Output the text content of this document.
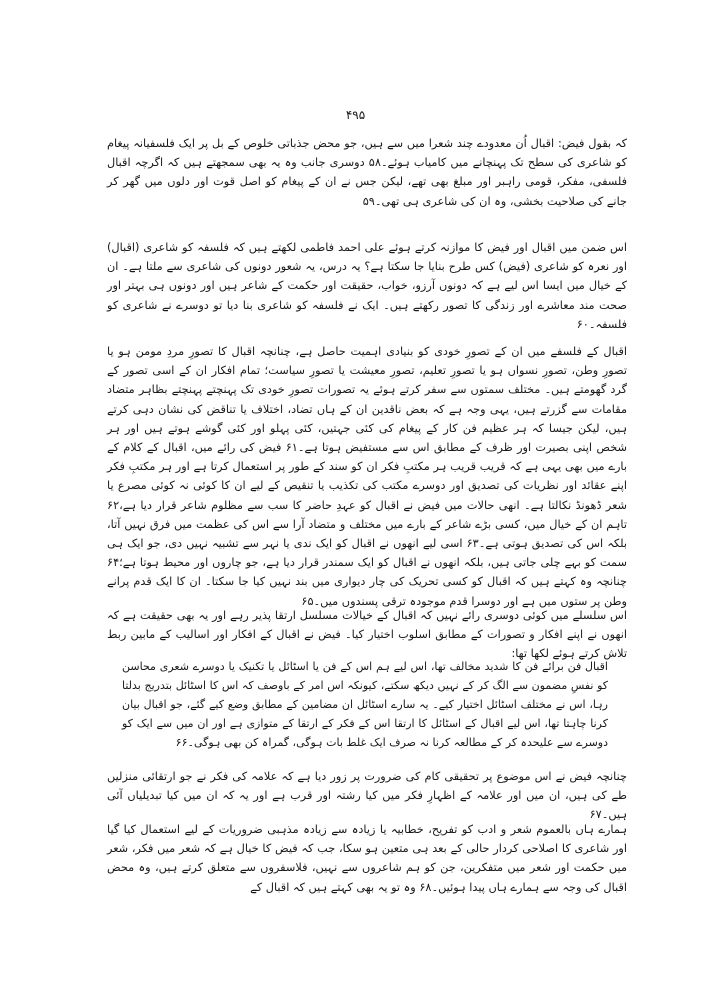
۴۹۵

کہ بقول فیض: اقبال اُن معدودے چند شعرا میں سے ہیں، جو محض جذباتی خلوص کے بل پر ایک فلسفیانہ پیغام کو شاعری کی سطح تک پہنچانے میں کامیاب ہوئے۔۵۸ دوسری جانب وہ یہ بھی سمجھتے ہیں کہ اگرچہ اقبال فلسفی، مفکر، قومی راہبر اور مبلغ بھی تھے، لیکن جس نے ان کے پیغام کو اصل قوت اور دلوں میں گھر کر جانے کی صلاحیت بخشی، وہ ان کی شاعری ہی تھی۔۵۹

اس ضمن میں اقبال اور فیض کا موازنہ کرتے ہوئے علی احمد فاطمی لکھتے ہیں کہ فلسفہ کو شاعری (اقبال) اور نعرہ کو شاعری (فیض) کس طرح بنایا جا سکتا ہے؟ یہ درس، یہ شعور دونوں کی شاعری سے ملتا ہے۔ ان کے خیال میں ایسا اس لیے ہے کہ دونوں آرزو، خواب، حقیقت اور حکمت کے شاعر ہیں اور دونوں ہی بہتر اور صحت مند معاشرے اور زندگی کا تصور رکھتے ہیں۔ ایک نے فلسفہ کو شاعری بنا دیا تو دوسرے نے شاعری کو فلسفہ۔۶۰

اقبال کے فلسفے میں ان کے تصورِ خودی کو بنیادی اہمیت حاصل ہے، چنانچہ اقبال کا تصورِ مردِ مومن ہو یا تصورِ وطن، تصورِ نسواں ہو یا تصورِ تعلیم، تصورِ معیشت یا تصورِ سیاست؛ تمام افکار ان کے اسی تصور کے گرد گھومتے ہیں۔ مختلف سمتوں سے سفر کرتے ہوئے یہ تصورات تصورِ خودی تک پہنچتے پہنچتے بظاہر متضاد مقامات سے گزرتے ہیں، یہی وجہ ہے کہ بعض ناقدین ان کے ہاں تضاد، اختلاف یا تناقض کی نشان دہی کرتے ہیں، لیکن جیسا کہ ہر عظیم فن کار کے پیغام کی کئی جہتیں، کئی پہلو اور کئی گوشے ہوتے ہیں اور ہر شخص اپنی بصیرت اور ظرف کے مطابق اس سے مستفیض ہوتا ہے۔۶۱ فیض کی رائے میں، اقبال کے کلام کے بارے میں بھی یہی ہے کہ قریب قریب ہر مکتبِ فکر ان کو سند کے طور پر استعمال کرتا ہے اور ہر مکتبِ فکر اپنے عقائد اور نظریات کی تصدیق اور دوسرے مکتب کی تکذیب یا تنقیص کے لیے ان کا کوئی نہ کوئی مصرع یا شعر ڈھونڈ نکالتا ہے۔ انھی حالات میں فیض نے اقبال کو عہدِ حاضر کا سب سے مظلوم شاعر قرار دیا ہے،۶۲ تاہم ان کے خیال میں، کسی بڑے شاعر کے بارے میں مختلف و متضاد آرا سے اس کی عظمت میں فرق نہیں آتا، بلکہ اس کی تصدیق ہوتی ہے۔۶۳ اسی لیے انھوں نے اقبال کو ایک ندی یا نہر سے تشبیہ نہیں دی، جو ایک ہی سمت کو بہے چلی جاتی ہیں، بلکہ انھوں نے اقبال کو ایک سمندر قرار دیا ہے، جو چاروں اور محیط ہوتا ہے؛۶۴ چنانچہ وہ کہتے ہیں کہ اقبال کو کسی تحریک کی چار دیواری میں بند نہیں کیا جا سکتا۔ ان کا ایک قدم پرانے وطن پر ستوں میں ہے اور دوسرا قدم موجودہ ترقی پسندوں میں۔۶۵

اس سلسلے میں کوئی دوسری رائے نہیں کہ اقبال کے خیالات مسلسل ارتقا پذیر رہے اور یہ بھی حقیقت ہے کہ انھوں نے اپنے افکار و تصورات کے مطابق اسلوب اختیار کیا۔ فیض نے اقبال کے افکار اور اسالیب کے مابین ربط تلاش کرتے ہوئے لکھا تھا:

اقبال فن برائے فن کا شدید مخالف تھا، اس لیے ہم اس کے فن یا اسٹائل یا تکنیک یا دوسرے شعری محاسن کو نفسِ مضمون سے الگ کر کے نہیں دیکھ سکتے، کیونکہ اس امر کے باوصف کہ اس کا اسٹائل بتدریج بدلتا رہا، اس نے مختلف اسٹائل اختیار کیے۔ یہ سارے اسٹائل ان مضامین کے مطابق وضع کیے گئے، جو اقبال بیان کرنا چاہتا تھا، اس لیے اقبال کے اسٹائل کا ارتقا اس کے فکر کے ارتقا کے متوازی ہے اور ان میں سے ایک کو دوسرے سے علیحدہ کر کے مطالعہ کرنا نہ صرف ایک غلط بات ہوگی، گمراہ کن بھی ہوگی۔۶۶

چنانچہ فیض نے اس موضوع پر تحقیقی کام کی ضرورت پر زور دیا ہے کہ علامہ کی فکر نے جو ارتقائی منزلیں طے کی ہیں، ان میں اور علامہ کے اظہارِ فکر میں کیا رشتہ اور قرب ہے اور یہ کہ ان میں کیا تبدیلیاں آئی ہیں۔۶۷

ہمارے ہاں بالعموم شعر و ادب کو تفریح، خطابیہ یا زیادہ سے زیادہ مذہبی ضروریات کے لیے استعمال کیا گیا اور شاعری کا اصلاحی کردار حالی کے بعد ہی متعین ہو سکا، جب کہ فیض کا خیال ہے کہ شعر میں فکر، شعر میں حکمت اور شعر میں متفکرین، جن کو ہم شاعروں سے نہیں، فلاسفروں سے متعلق کرتے ہیں، وہ محض اقبال کی وجہ سے ہمارے ہاں پیدا ہوئیں۔۶۸ وہ تو یہ بھی کہتے ہیں کہ اقبال کے
